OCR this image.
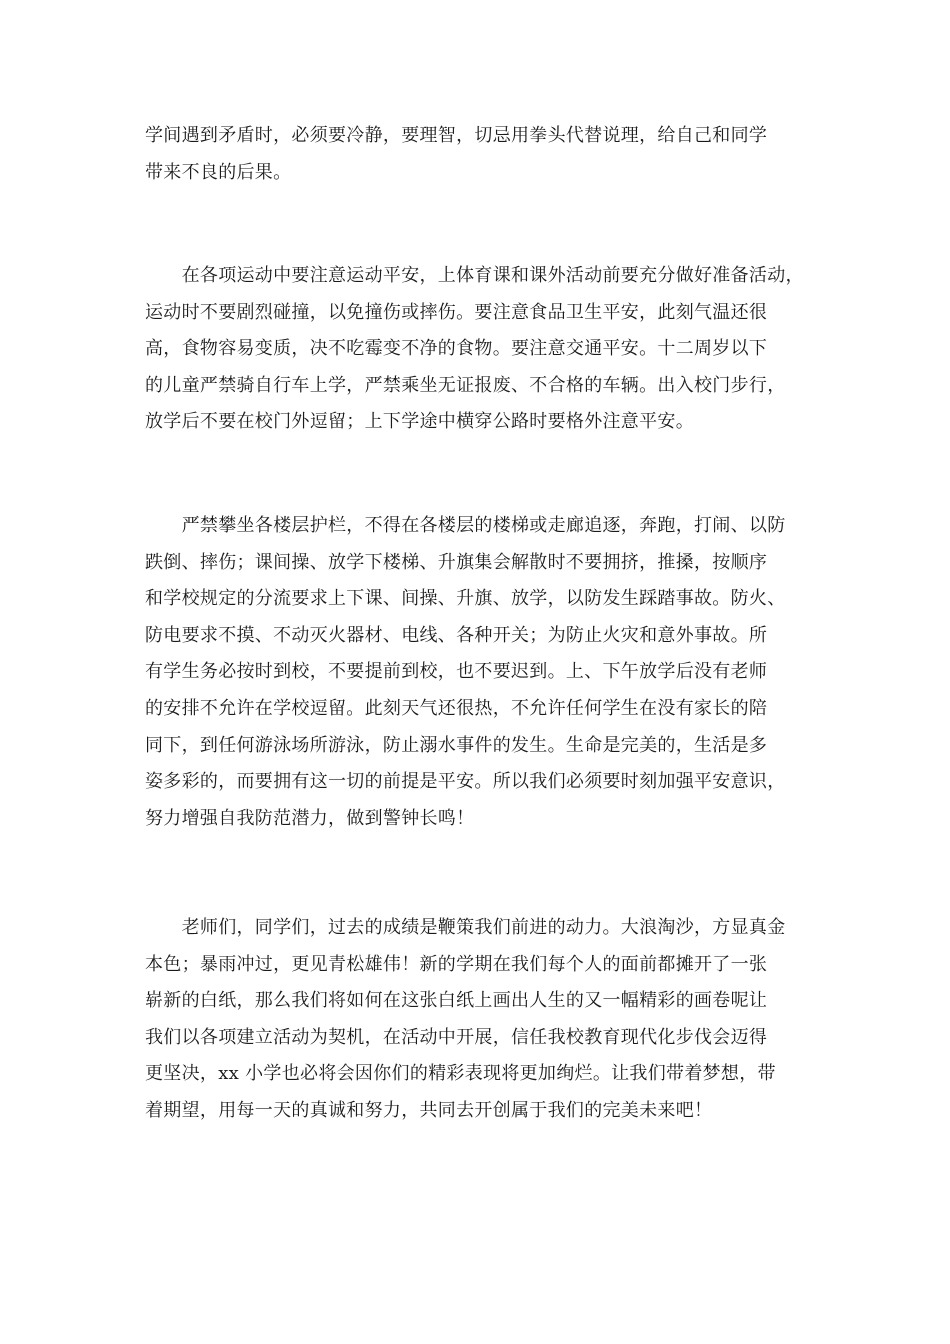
学间遇到矛盾时，必须要冷静，要理智，切忌用拳头代替说理，给自己和同学
带来不良的后果。
　　在各项运动中要注意运动平安，上体育课和课外活动前要充分做好准备活动，
运动时不要剧烈碰撞，以免撞伤或摔伤。要注意食品卫生平安，此刻气温还很
高，食物容易变质，决不吃霉变不净的食物。要注意交通平安。十二周岁以下
的儿童严禁骑自行车上学，严禁乘坐无证报废、不合格的车辆。出入校门步行，
放学后不要在校门外逗留；上下学途中横穿公路时要格外注意平安。
　　严禁攀坐各楼层护栏，不得在各楼层的楼梯或走廊追逐，奔跑，打闹、以防
跌倒、摔伤；课间操、放学下楼梯、升旗集会解散时不要拥挤，推搡，按顺序
和学校规定的分流要求上下课、间操、升旗、放学，以防发生踩踏事故。防火、
防电要求不摸、不动灭火器材、电线、各种开关；为防止火灾和意外事故。所
有学生务必按时到校，不要提前到校，也不要迟到。上、下午放学后没有老师
的安排不允许在学校逗留。此刻天气还很热，不允许任何学生在没有家长的陪
同下，到任何游泳场所游泳，防止溺水事件的发生。生命是完美的，生活是多
姿多彩的，而要拥有这一切的前提是平安。所以我们必须要时刻加强平安意识，
努力增强自我防范潜力，做到警钟长鸣！
　　老师们，同学们，过去的成绩是鞭策我们前进的动力。大浪淘沙，方显真金
本色；暴雨冲过，更见青松雄伟！新的学期在我们每个人的面前都摊开了一张
崭新的白纸，那么我们将如何在这张白纸上画出人生的又一幅精彩的画卷呢让
我们以各项建立活动为契机，在活动中开展，信任我校教育现代化步伐会迈得
更坚决，xx 小学也必将会因你们的精彩表现将更加绚烂。让我们带着梦想，带
着期望，用每一天的真诚和努力，共同去开创属于我们的完美未来吧！
